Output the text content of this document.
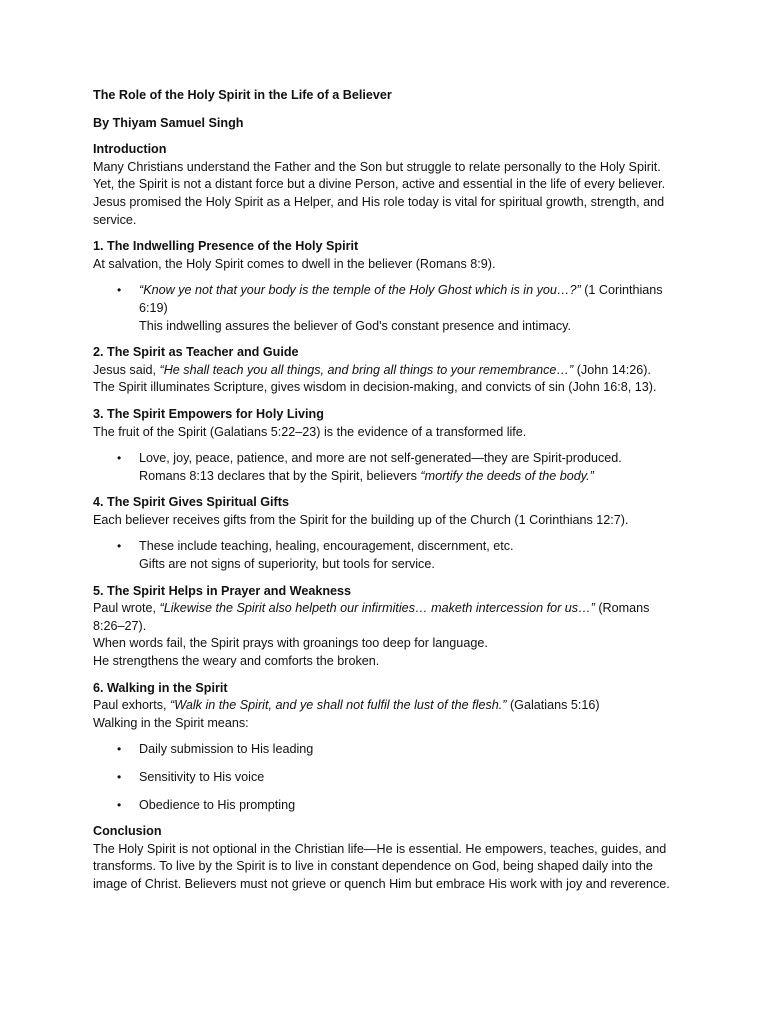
The Role of the Holy Spirit in the Life of a Believer

By Thiyam Samuel Singh

Introduction

Many Christians understand the Father and the Son but struggle to relate personally to the Holy Spirit. Yet, the Spirit is not a distant force but a divine Person, active and essential in the life of every believer. Jesus promised the Holy Spirit as a Helper, and His role today is vital for spiritual growth, strength, and service.

1. The Indwelling Presence of the Holy Spirit

At salvation, the Holy Spirit comes to dwell in the believer (Romans 8:9).

• “Know ye not that your body is the temple of the Holy Ghost which is in you…?” (1 Corinthians 6:19)
This indwelling assures the believer of God's constant presence and intimacy.
2. The Spirit as Teacher and Guide

Jesus said, “He shall teach you all things, and bring all things to your remembrance…” (John 14:26).

The Spirit illuminates Scripture, gives wisdom in decision-making, and convicts of sin (John 16:8, 13).

3. The Spirit Empowers for Holy Living

The fruit of the Spirit (Galatians 5:22–23) is the evidence of a transformed life.

• Love, joy, peace, patience, and more are not self-generated—they are Spirit-produced.
Romans 8:13 declares that by the Spirit, believers “mortify the deeds of the body.”
4. The Spirit Gives Spiritual Gifts

Each believer receives gifts from the Spirit for the building up of the Church (1 Corinthians 12:7).

• These include teaching, healing, encouragement, discernment, etc.
Gifts are not signs of superiority, but tools for service.
5. The Spirit Helps in Prayer and Weakness

Paul wrote, “Likewise the Spirit also helpeth our infirmities… maketh intercession for us…” (Romans 8:26–27).

When words fail, the Spirit prays with groanings too deep for language.

He strengthens the weary and comforts the broken.

6. Walking in the Spirit

Paul exhorts, “Walk in the Spirit, and ye shall not fulfil the lust of the flesh.” (Galatians 5:16)

Walking in the Spirit means:

• Daily submission to His leading
• Sensitivity to His voice
• Obedience to His prompting
Conclusion

The Holy Spirit is not optional in the Christian life—He is essential. He empowers, teaches, guides, and transforms. To live by the Spirit is to live in constant dependence on God, being shaped daily into the image of Christ. Believers must not grieve or quench Him but embrace His work with joy and reverence.
